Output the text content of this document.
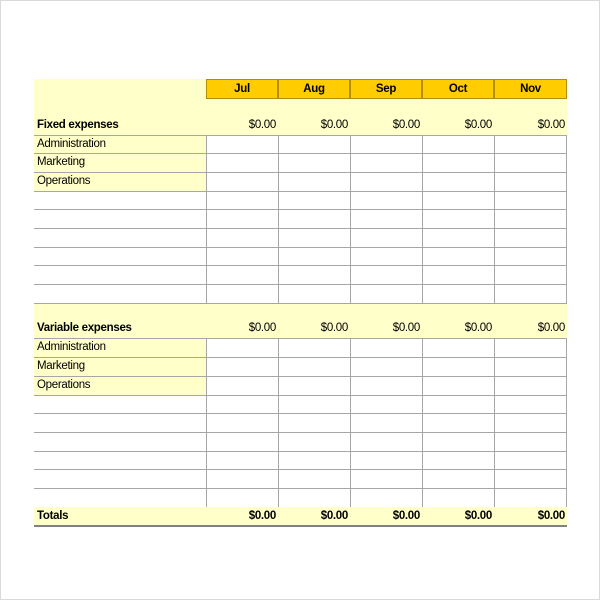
Jul	Aug	Sep	Oct	Nov
Fixed expenses	$0.00	$0.00	$0.00	$0.00	$0.00
Administration
Marketing
Operations
Variable expenses	$0.00	$0.00	$0.00	$0.00	$0.00
Administration
Marketing
Operations
Totals	$0.00	$0.00	$0.00	$0.00	$0.00
